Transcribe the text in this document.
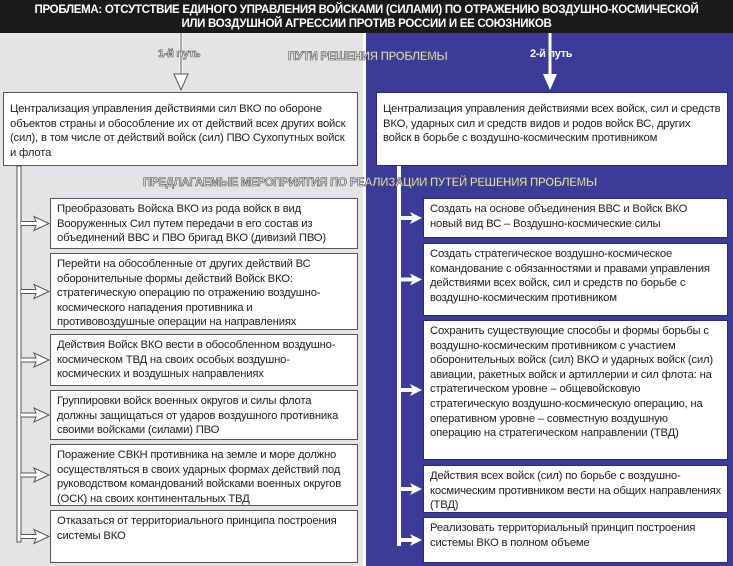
ПРОБЛЕМА: ОТСУТСТВИЕ ЕДИНОГО УПРАВЛЕНИЯ ВОЙСКАМИ (СИЛАМИ) ПО ОТРАЖЕНИЮ ВОЗДУШНО-КОСМИЧЕСКОЙ
ИЛИ ВОЗДУШНОЙ АГРЕССИИ ПРОТИВ РОССИИ И ЕЕ СОЮЗНИКОВ
1-й путь	ПУТИ РЕШЕНИЯ ПРОБЛЕМЫ	2-й путь
Централизация управления действиями сил ВКО по обороне объектов страны и обособление их от действий всех других войск (сил), в том числе от действий войск (сил) ПВО Сухопутных войск и флота
Централизация управления действиями всех войск, сил и средств ВКО, ударных сил и средств видов и родов войск ВС, других войск в борьбе с воздушно-космическим противником
ПРЕДЛАГАЕМЫЕ МЕРОПРИЯТИЯ ПО РЕАЛИЗАЦИИ ПУТЕЙ РЕШЕНИЯ ПРОБЛЕМЫ
Преобразовать Войска ВКО из рода войск в вид Вооруженных Сил путем передачи в его состав из объединений ВВС и ПВО бригад ВКО (дивизий ПВО)
Перейти на обособленные от других действий ВС оборонительные формы действий Войск ВКО: стратегическую операцию по отражению воздушно-космического нападения противника и противовоздушные операции на направлениях
Действия Войск ВКО вести в обособленном воздушно-космическом ТВД на своих особых воздушно-космических и воздушных направлениях
Группировки войск военных округов и силы флота должны защищаться от ударов воздушного противника своими войсками (силами) ПВО
Поражение СВКН противника на земле и море должно осуществляться в своих ударных формах действий под руководством командований войсками военных округов (ОСК) на своих континентальных ТВД
Отказаться от территориального принципа построения системы ВКО
Создать на основе объединения ВВС и Войск ВКО новый вид ВС – Воздушно-космические силы
Создать стратегическое воздушно-космическое командование с обязанностями и правами управления действиями всех войск, сил и средств по борьбе с воздушно-космическим противником
Сохранить существующие способы и формы борьбы с воздушно-космическим противником с участием оборонительных войск (сил) ВКО и ударных войск (сил) авиации, ракетных войск и артиллерии и сил флота: на стратегическом уровне – общевойсковую стратегическую воздушно-космическую операцию, на оперативном уровне – совместную воздушную операцию на стратегическом направлении (ТВД)
Действия всех войск (сил) по борьбе с воздушно-космическим противником вести на общих направлениях (ТВД)
Реализовать территориальный принцип построения системы ВКО в полном объеме
